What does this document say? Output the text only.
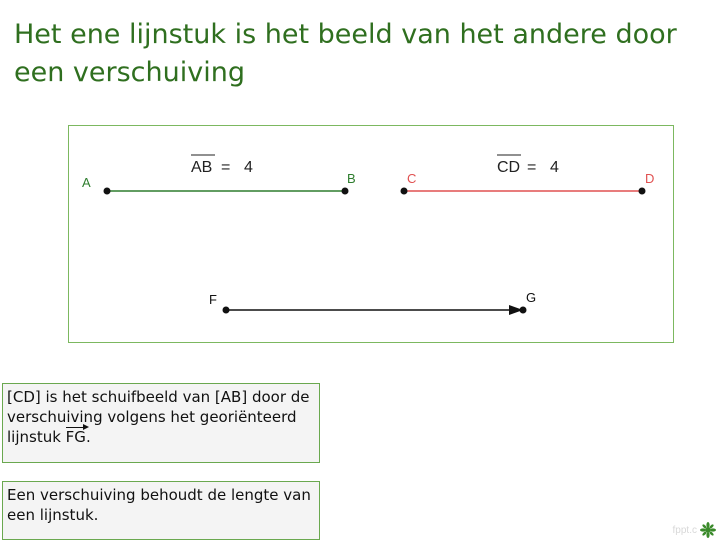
Het ene lijnstuk is het beeld van het andere door
een verschuiving
A	B
AB = 4
C	D
CD = 4
F	G
[CD] is het schuifbeeld van [AB] door de verschuiving volgens het georiënteerd lijnstuk FG.
Een verschuiving behoudt de lengte van een lijnstuk.
fppt.c
